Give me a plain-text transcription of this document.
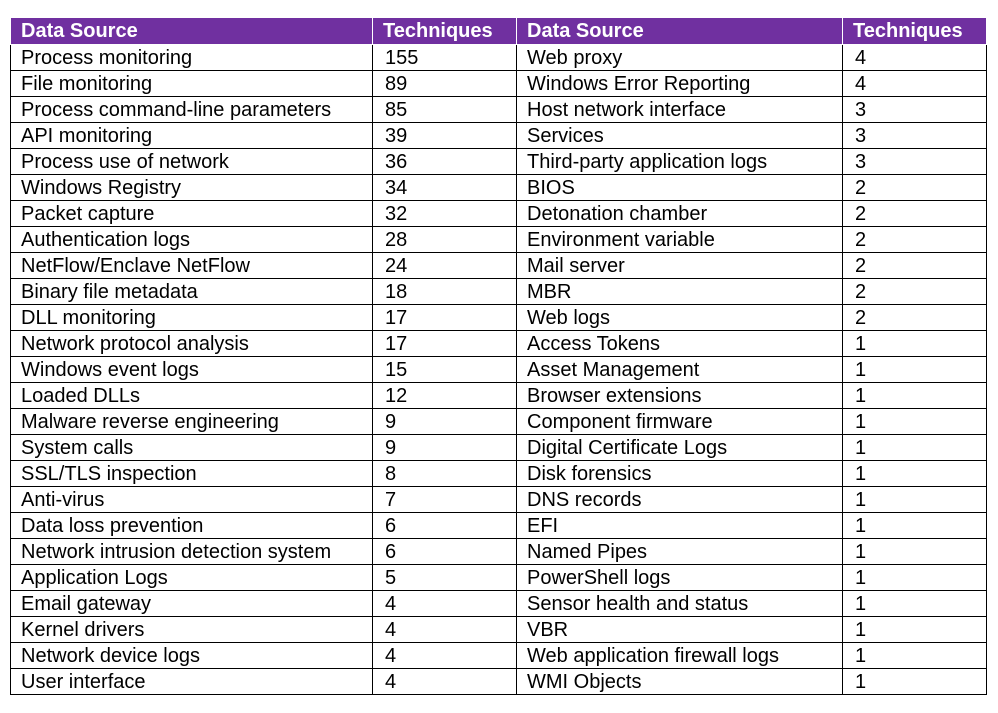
Data Source	Techniques	Data Source	Techniques
Process monitoring	155	Web proxy	4
File monitoring	89	Windows Error Reporting	4
Process command-line parameters	85	Host network interface	3
API monitoring	39	Services	3
Process use of network	36	Third-party application logs	3
Windows Registry	34	BIOS	2
Packet capture	32	Detonation chamber	2
Authentication logs	28	Environment variable	2
NetFlow/Enclave NetFlow	24	Mail server	2
Binary file metadata	18	MBR	2
DLL monitoring	17	Web logs	2
Network protocol analysis	17	Access Tokens	1
Windows event logs	15	Asset Management	1
Loaded DLLs	12	Browser extensions	1
Malware reverse engineering	9	Component firmware	1
System calls	9	Digital Certificate Logs	1
SSL/TLS inspection	8	Disk forensics	1
Anti-virus	7	DNS records	1
Data loss prevention	6	EFI	1
Network intrusion detection system	6	Named Pipes	1
Application Logs	5	PowerShell logs	1
Email gateway	4	Sensor health and status	1
Kernel drivers	4	VBR	1
Network device logs	4	Web application firewall logs	1
User interface	4	WMI Objects	1
